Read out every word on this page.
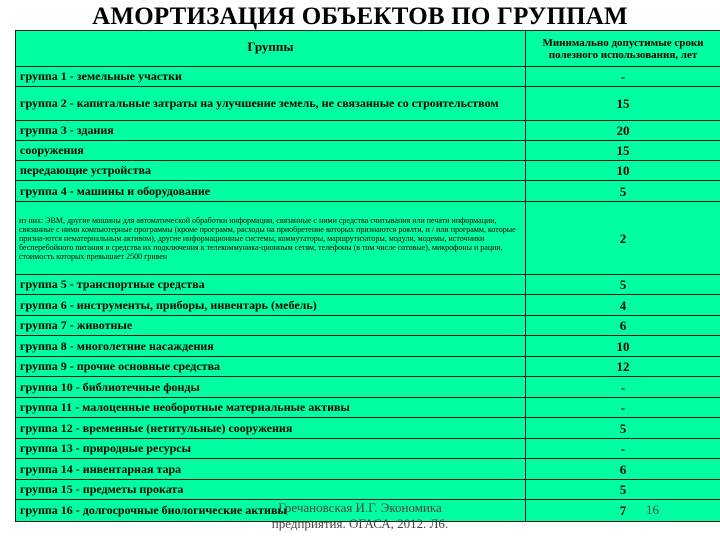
АМОРТИЗАЦИЯ ОБЪЕКТОВ ПО ГРУППАМ
Группы	Минимально допустимые сроки полезного использования, лет
группа 1 - земельные участки	-
группа 2 - капитальные затраты на улучшение земель, не связанные со строительством	15
группа 3 - здания	20
сооружения	15
передающие устройства	10
группа 4 - машины и оборудование	5
из них: ЭВМ, другие машины для автоматической обработки информации, связанные с ними средства считывания или печати информации, связанные с ними компьютерные программы (кроме программ, расходы на приобретение которых признаются роялти, и / или программ, которые призна-ются нематериальным активом), другие информационные системы, коммутаторы, маршрутизаторы, модули, модемы, источники бесперебойного питания и средства их подключения к телекоммуника-ционным сетям, телефоны (в том числе сотовые), микрофоны и рации, стоимость которых превышает 2500 гривен	2
группа 5 - транспортные средства	5
группа 6 - инструменты, приборы, инвентарь (мебель)	4
группа 7 - животные	6
группа 8 - многолетние насаждения	10
группа 9 - прочие основные средства	12
группа 10 - библиотечные фонды	-
группа 11 - малоценные необоротные материальные активы	-
группа 12 - временные (нетитульные) сооружения	5
группа 13 - природные ресурсы	-
группа 14 - инвентарная тара	6
группа 15 - предметы проката	5
группа 16 - долгосрочные биологические активы	7
Гречановская И.Г. Экономика
предприятия. ОГАСА, 2012. Л6.
16
